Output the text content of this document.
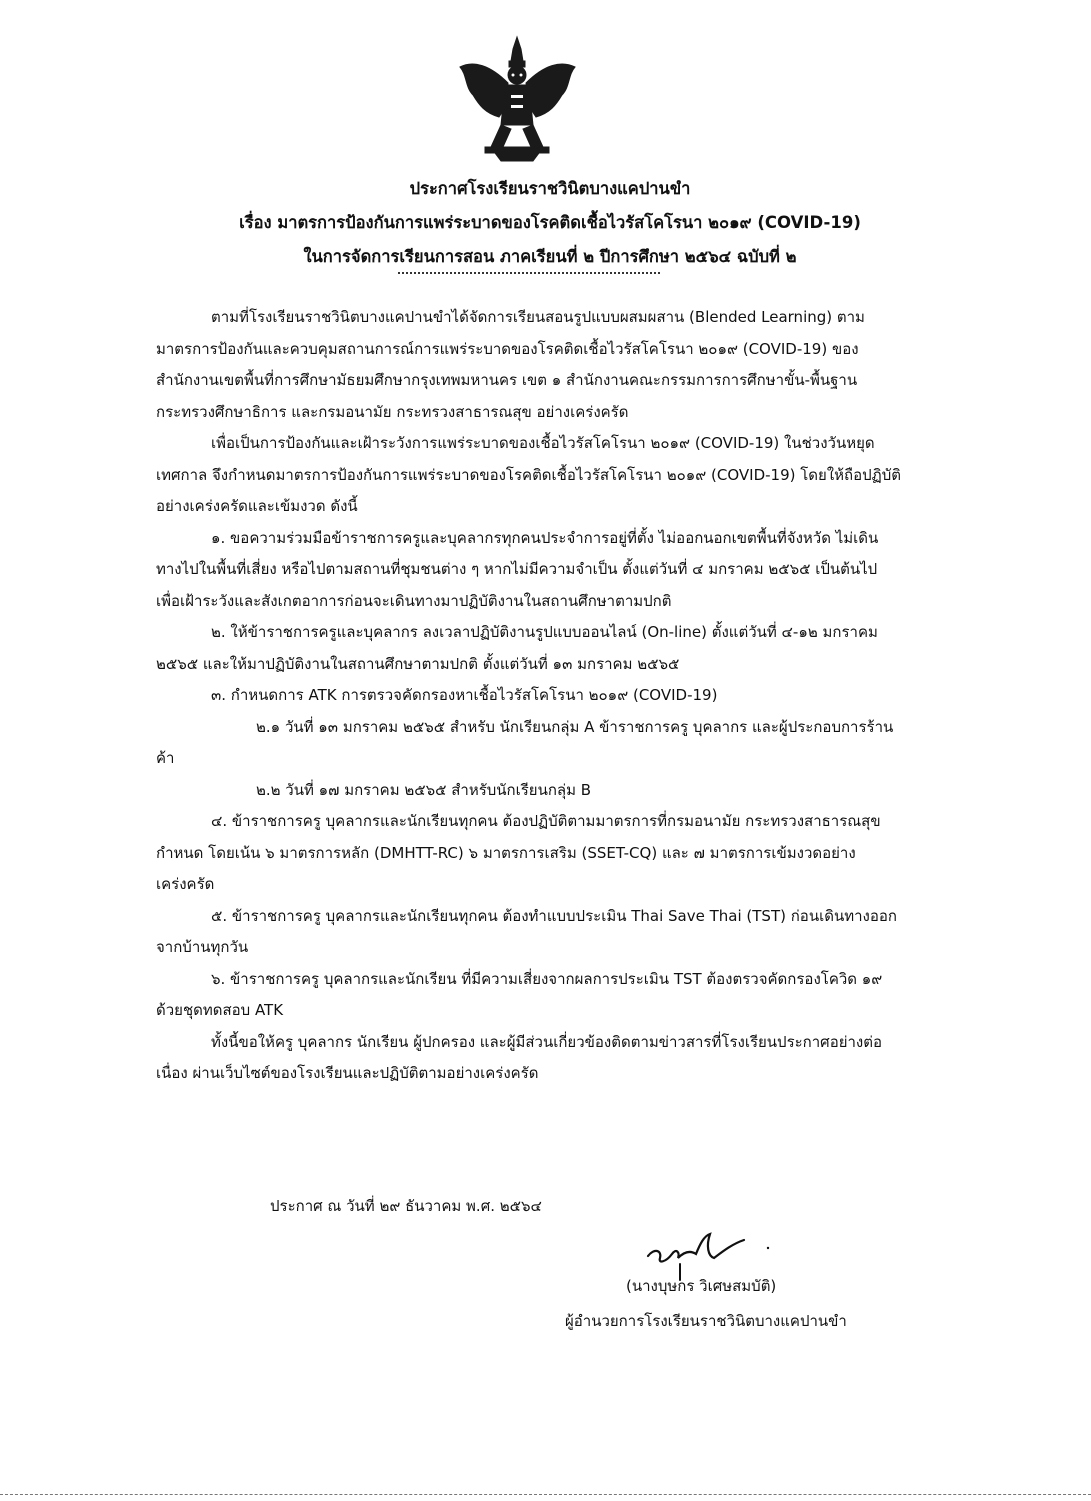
ประกาศโรงเรียนราชวินิตบางแคปานขำ
เรื่อง มาตรการป้องกันการแพร่ระบาดของโรคติดเชื้อไวรัสโคโรนา ๒๐๑๙ (COVID-19)
ในการจัดการเรียนการสอน ภาคเรียนที่ ๒ ปีการศึกษา ๒๕๖๔ ฉบับที่ ๒

ตามที่โรงเรียนราชวินิตบางแคปานขำได้จัดการเรียนสอนรูปแบบผสมผสาน (Blended Learning) ตามมาตรการป้องกันและควบคุมสถานการณ์การแพร่ระบาดของโรคติดเชื้อไวรัสโคโรนา ๒๐๑๙ (COVID-19) ของสำนักงานเขตพื้นที่การศึกษามัธยมศึกษากรุงเทพมหานคร เขต ๑ สำนักงานคณะกรรมการการศึกษาขั้น-พื้นฐาน กระทรวงศึกษาธิการ และกรมอนามัย กระทรวงสาธารณสุข อย่างเคร่งครัด

เพื่อเป็นการป้องกันและเฝ้าระวังการแพร่ระบาดของเชื้อไวรัสโคโรนา ๒๐๑๙ (COVID-19) ในช่วงวันหยุดเทศกาล จึงกำหนดมาตรการป้องกันการแพร่ระบาดของโรคติดเชื้อไวรัสโคโรนา ๒๐๑๙ (COVID-19) โดยให้ถือปฏิบัติอย่างเคร่งครัดและเข้มงวด ดังนี้

๑. ขอความร่วมมือข้าราชการครูและบุคลากรทุกคนประจำการอยู่ที่ตั้ง ไม่ออกนอกเขตพื้นที่จังหวัด ไม่เดินทางไปในพื้นที่เสี่ยง หรือไปตามสถานที่ชุมชนต่าง ๆ หากไม่มีความจำเป็น ตั้งแต่วันที่ ๔ มกราคม ๒๕๖๕ เป็นต้นไป เพื่อเฝ้าระวังและสังเกตอาการก่อนจะเดินทางมาปฏิบัติงานในสถานศึกษาตามปกติ

๒. ให้ข้าราชการครูและบุคลากร ลงเวลาปฏิบัติงานรูปแบบออนไลน์ (On-line) ตั้งแต่วันที่ ๔-๑๒ มกราคม ๒๕๖๕ และให้มาปฏิบัติงานในสถานศึกษาตามปกติ ตั้งแต่วันที่ ๑๓ มกราคม ๒๕๖๕

๓. กำหนดการ ATK การตรวจคัดกรองหาเชื้อไวรัสโคโรนา ๒๐๑๙ (COVID-19)

๒.๑ วันที่ ๑๓ มกราคม ๒๕๖๕ สำหรับ นักเรียนกลุ่ม A ข้าราชการครู บุคลากร และผู้ประกอบการร้านค้า

๒.๒ วันที่ ๑๗ มกราคม ๒๕๖๕ สำหรับนักเรียนกลุ่ม B

๔. ข้าราชการครู บุคลากรและนักเรียนทุกคน ต้องปฏิบัติตามมาตรการที่กรมอนามัย กระทรวงสาธารณสุขกำหนด โดยเน้น ๖ มาตรการหลัก (DMHTT-RC) ๖ มาตรการเสริม (SSET-CQ) และ ๗ มาตรการเข้มงวดอย่างเคร่งครัด

๕. ข้าราชการครู บุคลากรและนักเรียนทุกคน ต้องทำแบบประเมิน Thai Save Thai (TST) ก่อนเดินทางออกจากบ้านทุกวัน

๖. ข้าราชการครู บุคลากรและนักเรียน ที่มีความเสี่ยงจากผลการประเมิน TST ต้องตรวจคัดกรองโควิด ๑๙ ด้วยชุดทดสอบ ATK

ทั้งนี้ขอให้ครู บุคลากร นักเรียน ผู้ปกครอง และผู้มีส่วนเกี่ยวข้องติดตามข่าวสารที่โรงเรียนประกาศอย่างต่อเนื่อง ผ่านเว็บไซต์ของโรงเรียนและปฏิบัติตามอย่างเคร่งครัด

ประกาศ ณ วันที่ ๒๙ ธันวาคม พ.ศ. ๒๕๖๔
(นางบุษกร วิเศษสมบัติ)
ผู้อำนวยการโรงเรียนราชวินิตบางแคปานขำ
